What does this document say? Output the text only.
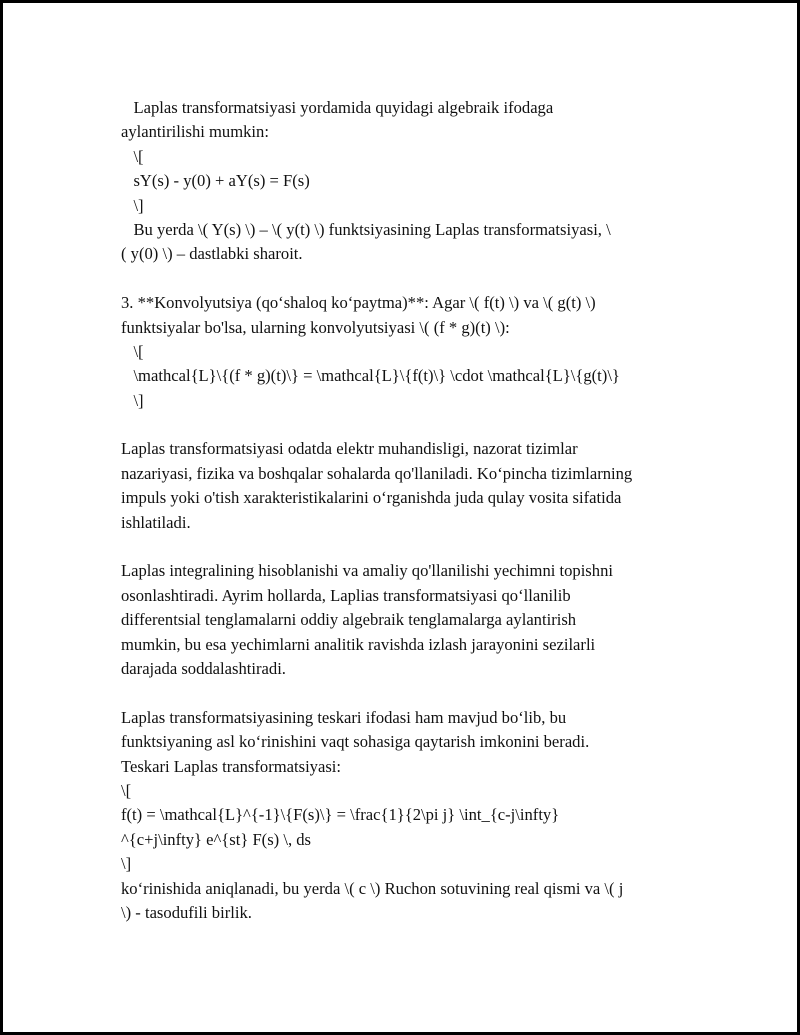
Laplas transformatsiyasi yordamida quyidagi algebraik ifodaga
aylantirilishi mumkin:
\[
sY(s) - y(0) + aY(s) = F(s)
\]
Bu yerda \( Y(s) \) – \( y(t) \) funktsiyasining Laplas transformatsiyasi, \
( y(0) \) – dastlabki sharoit.
3. **Konvolyutsiya (qo‘shaloq ko‘paytma)**: Agar \( f(t) \) va \( g(t) \)
funktsiyalar bo'lsa, ularning konvolyutsiyasi \( (f * g)(t) \):
\[
\mathcal{L}\{(f * g)(t)\} = \mathcal{L}\{f(t)\} \cdot \mathcal{L}\{g(t)\}
\]
Laplas transformatsiyasi odatda elektr muhandisligi, nazorat tizimlar
nazariyasi, fizika va boshqalar sohalarda qo'llaniladi. Ko‘pincha tizimlarning
impuls yoki o'tish xarakteristikalarini o‘rganishda juda qulay vosita sifatida
ishlatiladi.
Laplas integralining hisoblanishi va amaliy qo'llanilishi yechimni topishni
osonlashtiradi. Ayrim hollarda, Laplias transformatsiyasi qo‘llanilib
differentsial tenglamalarni oddiy algebraik tenglamalarga aylantirish
mumkin, bu esa yechimlarni analitik ravishda izlash jarayonini sezilarli
darajada soddalashtiradi.
Laplas transformatsiyasining teskari ifodasi ham mavjud bo‘lib, bu
funktsiyaning asl ko‘rinishini vaqt sohasiga qaytarish imkonini beradi.
Teskari Laplas transformatsiyasi:
\[
f(t) = \mathcal{L}^{-1}\{F(s)\} = \frac{1}{2\pi j} \int_{c-j\infty}
^{c+j\infty} e^{st} F(s) \, ds
\]
ko‘rinishida aniqlanadi, bu yerda \( c \) Ruchon sotuvining real qismi va \( j
\) - tasodufili birlik.
